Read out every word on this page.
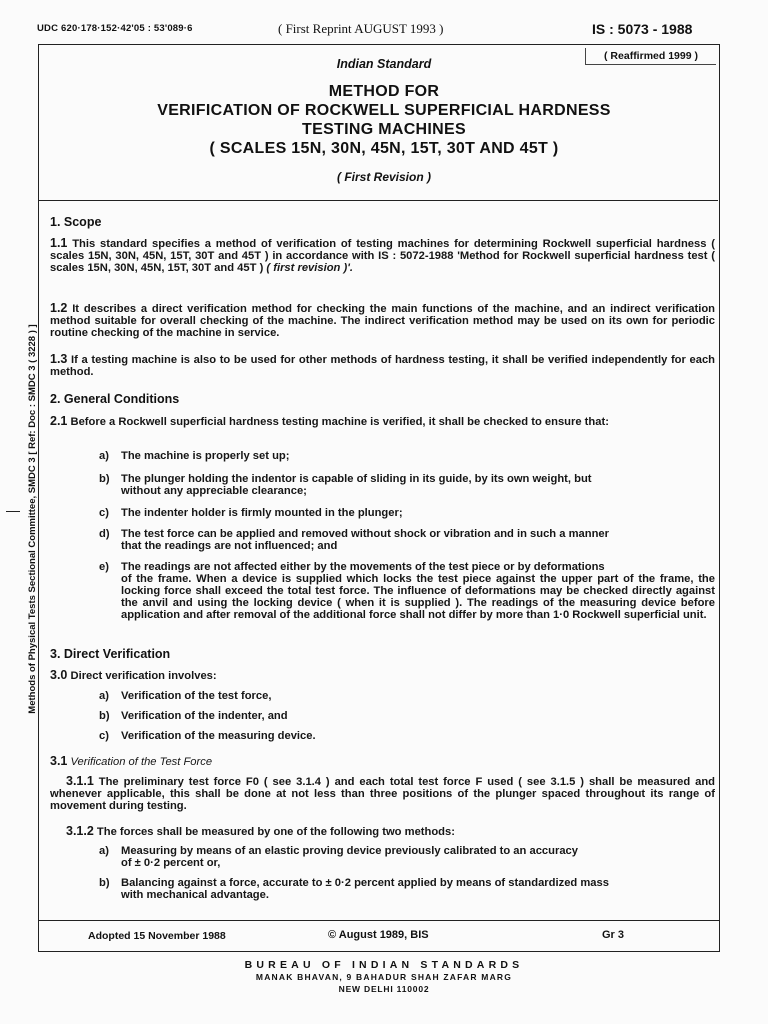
UDC 620·178·152·42'05 : 53'089·6	( First Reprint AUGUST 1993 )	IS : 5073 - 1988
( Reaffirmed 1999 )
Indian Standard
METHOD FOR
VERIFICATION OF ROCKWELL SUPERFICIAL HARDNESS
TESTING MACHINES
( SCALES 15N, 30N, 45N, 15T, 30T AND 45T )
( First Revision )
Methods of Physical Tests Sectional Committee, SMDC 3 [ Ref: Doc : SMDC 3 ( 3228 ) ]
1. Scope
1.1 This standard specifies a method of verification of testing machines for determining Rockwell superficial hardness ( scales 15N, 30N, 45N, 15T, 30T and 45T ) in accordance with IS : 5072-1988 'Method for Rockwell superficial hardness test ( scales 15N, 30N, 45N, 15T, 30T and 45T ) ( first revision )'.
1.2 It describes a direct verification method for checking the main functions of the machine, and an indirect verification method suitable for overall checking of the machine. The indirect verification method may be used on its own for periodic routine checking of the machine in service.
1.3 If a testing machine is also to be used for other methods of hardness testing, it shall be verified independently for each method.
2. General Conditions
2.1 Before a Rockwell superficial hardness testing machine is verified, it shall be checked to ensure that:
a) The machine is properly set up;
b) The plunger holding the indentor is capable of sliding in its guide, by its own weight, but
without any appreciable clearance;
c) The indenter holder is firmly mounted in the plunger;
d) The test force can be applied and removed without shock or vibration and in such a manner
that the readings are not influenced; and
e) The readings are not affected either by the movements of the test piece or by deformations
of the frame. When a device is supplied which locks the test piece against the upper part of the frame, the locking force shall exceed the total test force. The influence of deformations may be checked directly against the anvil and using the locking device ( when it is supplied ). The readings of the measuring device before application and after removal of the additional force shall not differ by more than 1·0 Rockwell superficial unit.
3. Direct Verification
3.0 Direct verification involves:
a) Verification of the test force,
b) Verification of the indenter, and
c) Verification of the measuring device.
3.1 Verification of the Test Force
3.1.1 The preliminary test force F0 ( see 3.1.4 ) and each total test force F used ( see 3.1.5 ) shall be measured and whenever applicable, this shall be done at not less than three positions of the plunger spaced throughout its range of movement during testing.
3.1.2 The forces shall be measured by one of the following two methods:
a) Measuring by means of an elastic proving device previously calibrated to an accuracy
of ± 0·2 percent or,
b) Balancing against a force, accurate to ± 0·2 percent applied by means of standardized mass
with mechanical advantage.
Adopted 15 November 1988	© August 1989, BIS	Gr 3
BUREAU OF INDIAN STANDARDS
MANAK BHAVAN, 9 BAHADUR SHAH ZAFAR MARG
NEW DELHI 110002
